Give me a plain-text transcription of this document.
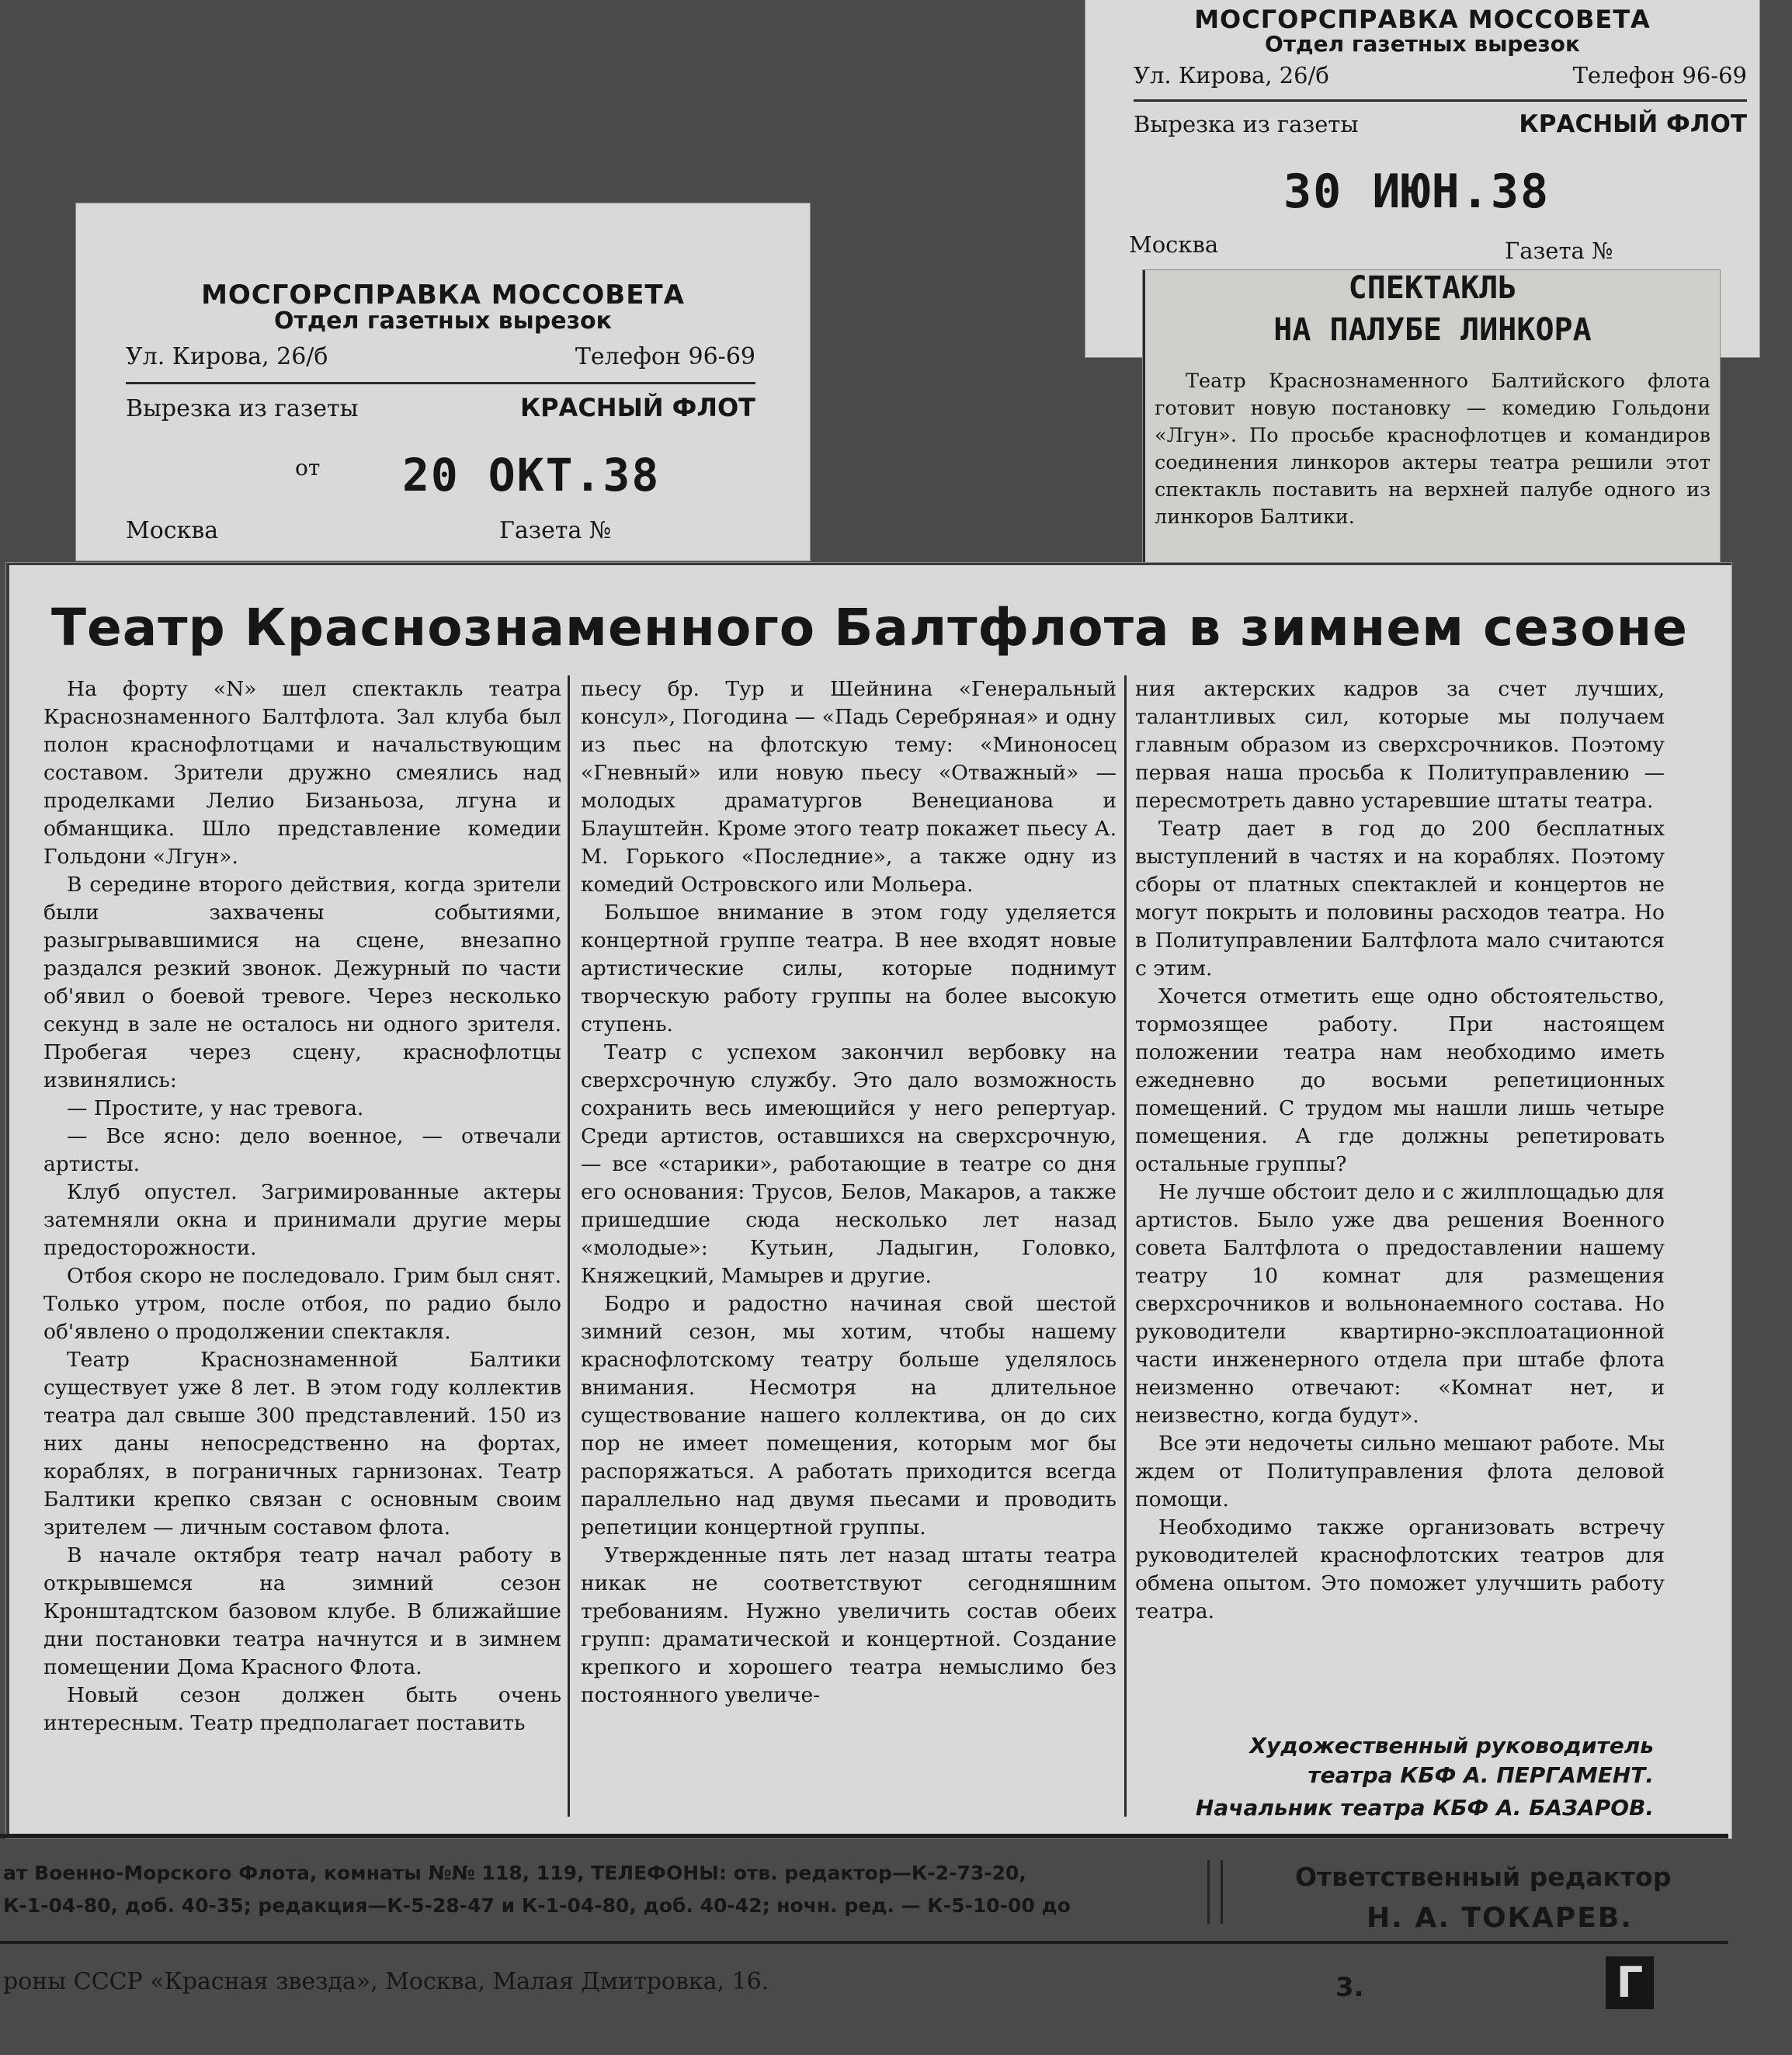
МОСГОРСПРАВКА МОССОВЕТА
Отдел газетных вырезок
Ул. Кирова, 26/б	Телефон 96-69
Вырезка из газеты	КРАСНЫЙ ФЛОТ
от 20 ОКТ.38
Москва	Газета №
МОСГОРСПРАВКА МОССОВЕТА
Отдел газетных вырезок
Ул. Кирова, 26/б	Телефон 96-69
Вырезка из газеты	КРАСНЫЙ ФЛОТ
30 ИЮН.38
Москва	Газета №
СПЕКТАКЛЬ
НА ПАЛУБЕ ЛИНКОРА
Театр Краснознаменного Балтийского флота готовит новую постановку — комедию Гольдони «Лгун». По просьбе краснофлотцев и командиров соединения линкоров актеры театра решили этот спектакль поставить на верхней палубе одного из линкоров Балтики.
Театр Краснознаменного Балтфлота в зимнем сезоне

На форту «N» шел спектакль театра Краснознаменного Балтфлота. Зал клуба был полон краснофлотцами и начальствующим составом. Зрители дружно смеялись над проделками Лелио Бизаньоза, лгуна и обманщика. Шло представление комедии Гольдони «Лгун».

В середине второго действия, когда зрители были захвачены событиями, разыгрывавшимися на сцене, внезапно раздался резкий звонок. Дежурный по части об'явил о боевой тревоге. Через несколько секунд в зале не осталось ни одного зрителя. Пробегая через сцену, краснофлотцы извинялись:

— Простите, у нас тревога.

— Все ясно: дело военное, — отвечали артисты.

Клуб опустел. Загримированные актеры затемняли окна и принимали другие меры предосторожности.

Отбоя скоро не последовало. Грим был снят. Только утром, после отбоя, по радио было об'явлено о продолжении спектакля.

Театр Краснознаменной Балтики существует уже 8 лет. В этом году коллектив театра дал свыше 300 представлений. 150 из них даны непосредственно на фортах, кораблях, в пограничных гарнизонах. Театр Балтики крепко связан с основным своим зрителем — личным составом флота.

В начале октября театр начал работу в открывшемся на зимний сезон Кронштадтском базовом клубе. В ближайшие дни постановки театра начнутся и в зимнем помещении Дома Красного Флота.

Новый сезон должен быть очень интересным. Театр предполагает поставить

пьесу бр. Тур и Шейнина «Генеральный консул», Погодина — «Падь Серебряная» и одну из пьес на флотскую тему: «Миноносец «Гневный» или новую пьесу «Отважный» — молодых драматургов Венецианова и Блауштейн. Кроме этого театр покажет пьесу А. М. Горького «Последние», а также одну из комедий Островского или Мольера.

Большое внимание в этом году уделяется концертной группе театра. В нее входят новые артистические силы, которые поднимут творческую работу группы на более высокую ступень.

Театр с успехом закончил вербовку на сверхсрочную службу. Это дало возможность сохранить весь имеющийся у него репертуар. Среди артистов, оставшихся на сверхсрочную, — все «старики», работающие в театре со дня его основания: Трусов, Белов, Макаров, а также пришедшие сюда несколько лет назад «молодые»: Кутьин, Ладыгин, Головко, Княжецкий, Мамырев и другие.

Бодро и радостно начиная свой шестой зимний сезон, мы хотим, чтобы нашему краснофлотскому театру больше уделялось внимания. Несмотря на длительное существование нашего коллектива, он до сих пор не имеет помещения, которым мог бы распоряжаться. А работать приходится всегда параллельно над двумя пьесами и проводить репетиции концертной группы.

Утвержденные пять лет назад штаты театра никак не соответствуют сегодняшним требованиям. Нужно увеличить состав обеих групп: драматической и концертной. Создание крепкого и хорошего театра немыслимо без постоянного увеличе-

ния актерских кадров за счет лучших, талантливых сил, которые мы получаем главным образом из сверхсрочников. Поэтому первая наша просьба к Политуправлению — пересмотреть давно устаревшие штаты театра.

Театр дает в год до 200 бесплатных выступлений в частях и на кораблях. Поэтому сборы от платных спектаклей и концертов не могут покрыть и половины расходов театра. Но в Политуправлении Балтфлота мало считаются с этим.

Хочется отметить еще одно обстоятельство, тормозящее работу. При настоящем положении театра нам необходимо иметь ежедневно до восьми репетиционных помещений. С трудом мы нашли лишь четыре помещения. А где должны репетировать остальные группы?

Не лучше обстоит дело и с жилплощадью для артистов. Было уже два решения Военного совета Балтфлота о предоставлении нашему театру 10 комнат для размещения сверхсрочников и вольнонаемного состава. Но руководители квартирно-эксплоатационной части инженерного отдела при штабе флота неизменно отвечают: «Комнат нет, и неизвестно, когда будут».

Все эти недочеты сильно мешают работе. Мы ждем от Политуправления флота деловой помощи.

Необходимо также организовать встречу руководителей краснофлотских театров для обмена опытом. Это поможет улучшить работу театра.

Художественный руководитель театра КБФ А. ПЕРГАМЕНТ.
Начальник театра КБФ А. БАЗАРОВ.
ат Военно-Морского Флота, комнаты №№ 118, 119, ТЕЛЕФОНЫ: отв. редактор—К-2-73-20,
К-1-04-80, доб. 40-35; редакция—К-5-28-47 и К-1-04-80, доб. 40-42; ночн. ред. — К-5-10-00 до
Ответственный редактор
Н. А. ТОКАРЕВ.
роны СССР «Красная звезда», Москва, Малая Дмитровка, 16.	3.	Г
